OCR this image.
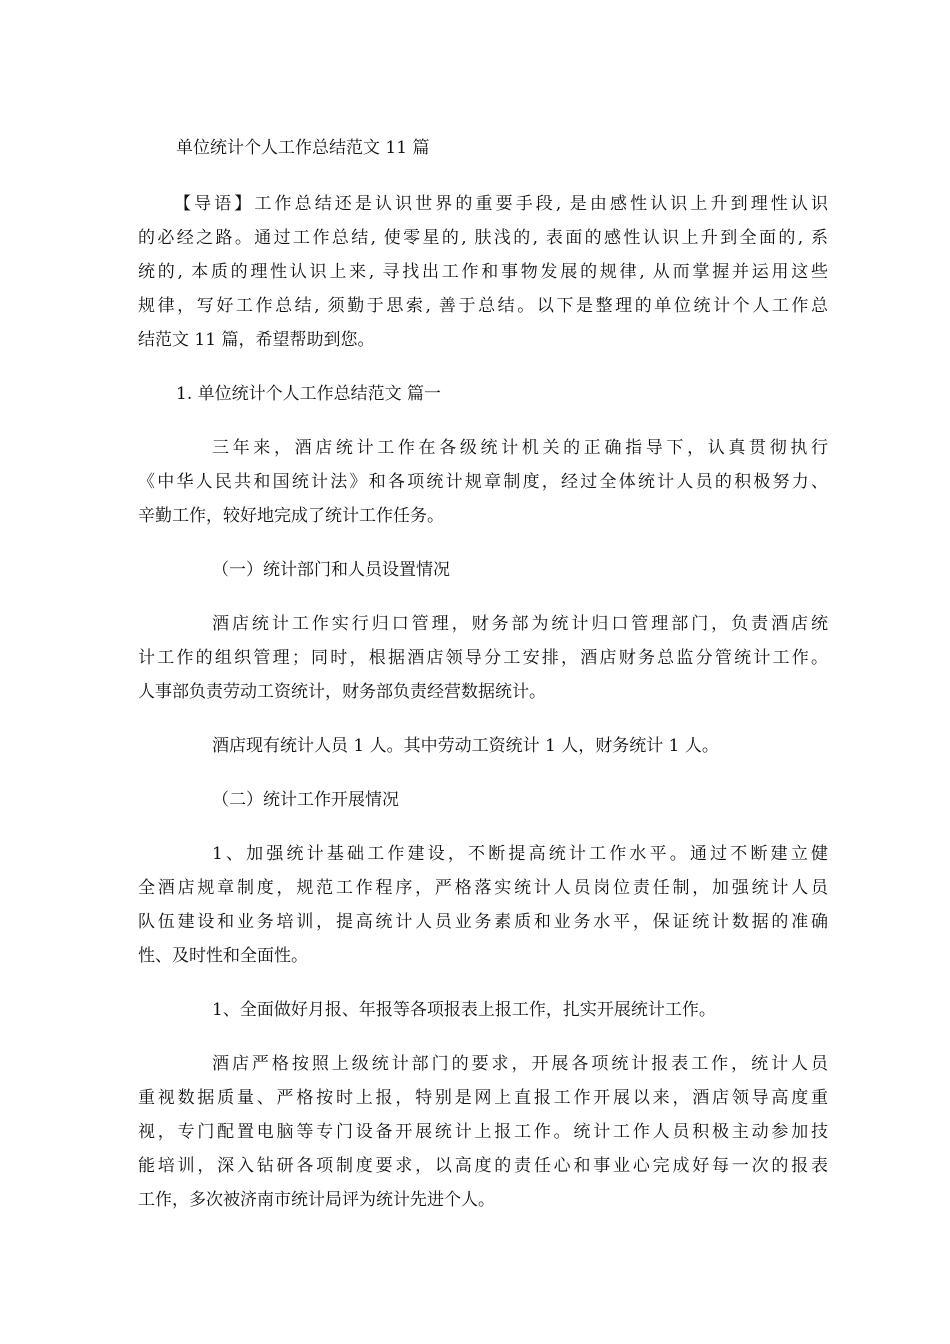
单位统计个人工作总结范文 11 篇
【导语】工作总结还是认识世界的重要手段, 是由感性认识上升到理性认识
的必经之路。通过工作总结, 使零星的, 肤浅的, 表面的感性认识上升到全面的, 系
统的, 本质的理性认识上来, 寻找出工作和事物发展的规律, 从而掌握并运用这些
规律，写好工作总结, 须勤于思索, 善于总结。以下是整理的单位统计个人工作总
结范文 11 篇，希望帮助到您。
1. 单位统计个人工作总结范文 篇一
三年来，酒店统计工作在各级统计机关的正确指导下，认真贯彻执行
《中华人民共和国统计法》和各项统计规章制度，经过全体统计人员的积极努力、
辛勤工作，较好地完成了统计工作任务。
（一）统计部门和人员设置情况
酒店统计工作实行归口管理，财务部为统计归口管理部门，负责酒店统
计工作的组织管理；同时，根据酒店领导分工安排，酒店财务总监分管统计工作。
人事部负责劳动工资统计，财务部负责经营数据统计。
酒店现有统计人员 1 人。其中劳动工资统计 1 人，财务统计 1 人。
（二）统计工作开展情况
1、加强统计基础工作建设，不断提高统计工作水平。通过不断建立健
全酒店规章制度，规范工作程序，严格落实统计人员岗位责任制，加强统计人员
队伍建设和业务培训，提高统计人员业务素质和业务水平，保证统计数据的准确
性、及时性和全面性。
1、全面做好月报、年报等各项报表上报工作，扎实开展统计工作。
酒店严格按照上级统计部门的要求，开展各项统计报表工作，统计人员
重视数据质量、严格按时上报，特别是网上直报工作开展以来，酒店领导高度重
视，专门配置电脑等专门设备开展统计上报工作。统计工作人员积极主动参加技
能培训，深入钻研各项制度要求，以高度的责任心和事业心完成好每一次的报表
工作，多次被济南市统计局评为统计先进个人。
